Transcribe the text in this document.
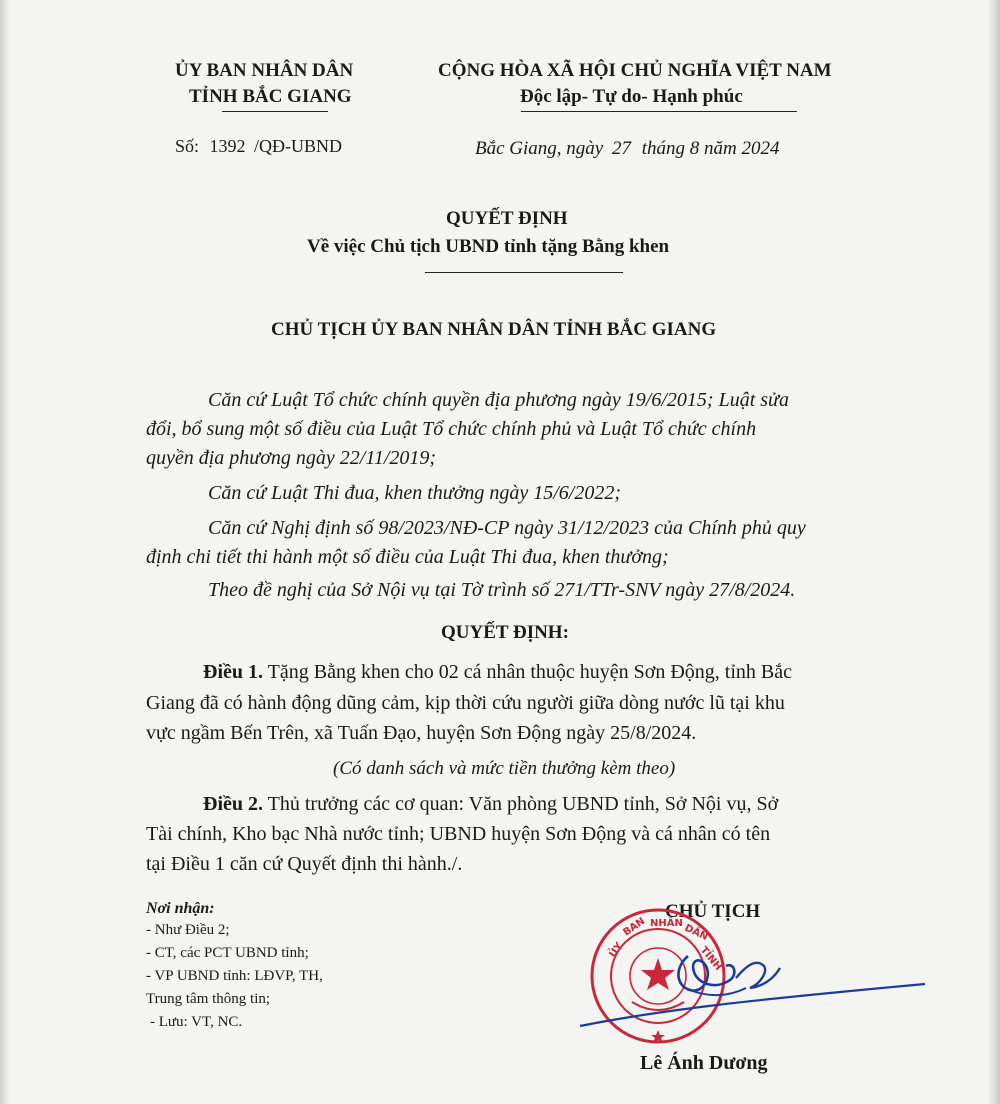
ỦY BAN NHÂN DÂN
TỈNH BẮC GIANG
CỘNG HÒA XÃ HỘI CHỦ NGHĨA VIỆT NAM
Độc lập- Tự do- Hạnh phúc
Số: 1392 /QĐ-UBND	Bắc Giang, ngày 27 tháng 8 năm 2024
QUYẾT ĐỊNH
Về việc Chủ tịch UBND tỉnh tặng Bằng khen
CHỦ TỊCH ỦY BAN NHÂN DÂN TỈNH BẮC GIANG
Căn cứ Luật Tổ chức chính quyền địa phương ngày 19/6/2015; Luật sửa
đổi, bổ sung một số điều của Luật Tổ chức chính phủ và Luật Tổ chức chính
quyền địa phương ngày 22/11/2019;
Căn cứ Luật Thi đua, khen thưởng ngày 15/6/2022;
Căn cứ Nghị định số 98/2023/NĐ-CP ngày 31/12/2023 của Chính phủ quy
định chi tiết thi hành một số điều của Luật Thi đua, khen thưởng;
Theo đề nghị của Sở Nội vụ tại Tờ trình số 271/TTr-SNV ngày 27/8/2024.
QUYẾT ĐỊNH:
Điều 1. Tặng Bằng khen cho 02 cá nhân thuộc huyện Sơn Động, tỉnh Bắc
Giang đã có hành động dũng cảm, kịp thời cứu người giữa dòng nước lũ tại khu
vực ngầm Bến Trên, xã Tuấn Đạo, huyện Sơn Động ngày 25/8/2024.
(Có danh sách và mức tiền thưởng kèm theo)
Điều 2. Thủ trưởng các cơ quan: Văn phòng UBND tỉnh, Sở Nội vụ, Sở
Tài chính, Kho bạc Nhà nước tỉnh; UBND huyện Sơn Động và cá nhân có tên
tại Điều 1 căn cứ Quyết định thi hành./.
Nơi nhận:
- Như Điều 2;
- CT, các PCT UBND tỉnh;
- VP UBND tỉnh: LĐVP, TH,
Trung tâm thông tin;
- Lưu: VT, NC.
CHỦ TỊCH
ỦY
BAN NHÂN DÂN
TỈNH
Lê Ánh Dương
